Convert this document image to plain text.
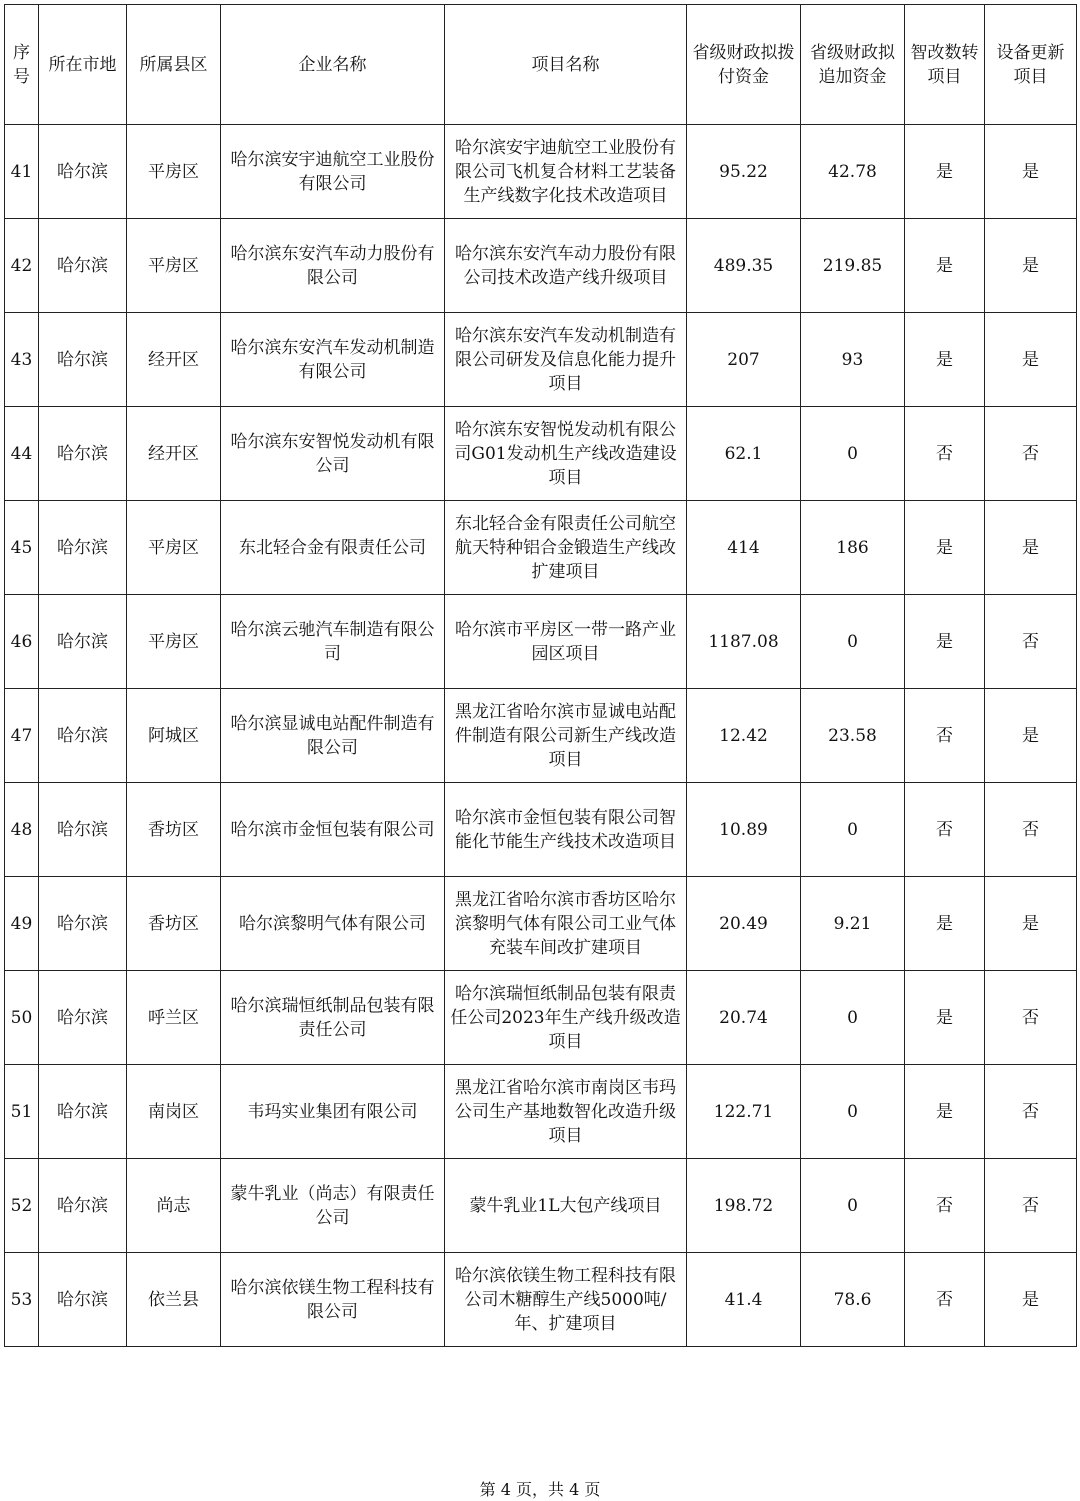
序号	所在市地	所属县区	企业名称	项目名称	省级财政拟拨付资金	省级财政拟追加资金	智改数转项目	设备更新项目
41	哈尔滨	平房区	哈尔滨安宇迪航空工业股份有限公司	哈尔滨安宇迪航空工业股份有限公司飞机复合材料工艺装备生产线数字化技术改造项目	95.22	42.78	是	是
42	哈尔滨	平房区	哈尔滨东安汽车动力股份有限公司	哈尔滨东安汽车动力股份有限公司技术改造产线升级项目	489.35	219.85	是	是
43	哈尔滨	经开区	哈尔滨东安汽车发动机制造有限公司	哈尔滨东安汽车发动机制造有限公司研发及信息化能力提升项目	207	93	是	是
44	哈尔滨	经开区	哈尔滨东安智悦发动机有限公司	哈尔滨东安智悦发动机有限公司G01发动机生产线改造建设项目	62.1	0	否	否
45	哈尔滨	平房区	东北轻合金有限责任公司	东北轻合金有限责任公司航空航天特种铝合金锻造生产线改扩建项目	414	186	是	是
46	哈尔滨	平房区	哈尔滨云驰汽车制造有限公司	哈尔滨市平房区一带一路产业园区项目	1187.08	0	是	否
47	哈尔滨	阿城区	哈尔滨显诚电站配件制造有限公司	黑龙江省哈尔滨市显诚电站配件制造有限公司新生产线改造项目	12.42	23.58	否	是
48	哈尔滨	香坊区	哈尔滨市金恒包装有限公司	哈尔滨市金恒包装有限公司智能化节能生产线技术改造项目	10.89	0	否	否
49	哈尔滨	香坊区	哈尔滨黎明气体有限公司	黑龙江省哈尔滨市香坊区哈尔滨黎明气体有限公司工业气体充装车间改扩建项目	20.49	9.21	是	是
50	哈尔滨	呼兰区	哈尔滨瑞恒纸制品包装有限责任公司	哈尔滨瑞恒纸制品包装有限责任公司2023年生产线升级改造项目	20.74	0	是	否
51	哈尔滨	南岗区	韦玛实业集团有限公司	黑龙江省哈尔滨市南岗区韦玛公司生产基地数智化改造升级项目	122.71	0	是	否
52	哈尔滨	尚志	蒙牛乳业（尚志）有限责任公司	蒙牛乳业1L大包产线项目	198.72	0	否	否
53	哈尔滨	依兰县	哈尔滨依镁生物工程科技有限公司	哈尔滨依镁生物工程科技有限公司木糖醇生产线5000吨/年、扩建项目	41.4	78.6	否	是
第 4 页，共 4 页
